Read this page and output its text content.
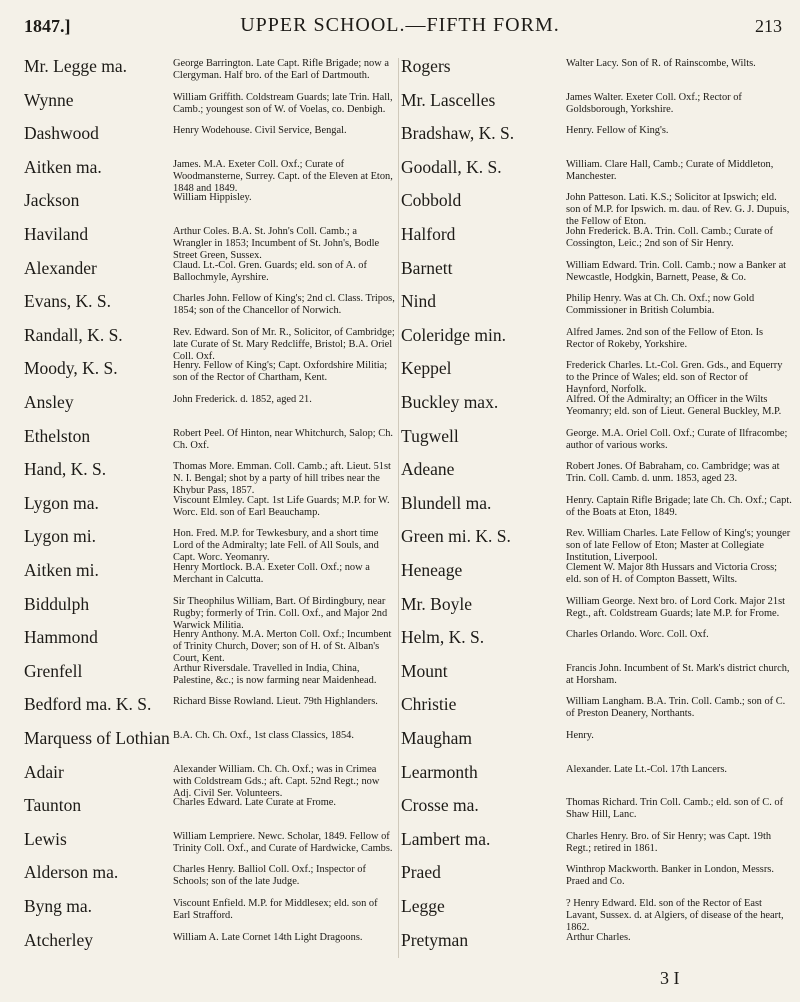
1847.]	UPPER SCHOOL.—FIFTH FORM.	213
Mr. Legge ma.
Wynne
Dashwood
Aitken ma.
Jackson
Haviland
Alexander
Evans, K. S.
Randall, K. S.
Moody, K. S.
Ansley
Ethelston
Hand, K. S.
Lygon ma.
Lygon mi.
Aitken mi.
Biddulph
Hammond
Grenfell
Bedford ma. K. S.
Marquess of Lothian
Adair
Taunton
Lewis
Alderson ma.
Byng ma.
Atcherley
George Barrington. Late Capt. Rifle Brigade; now a Clergyman. Half bro. of the Earl of Dartmouth.
William Griffith. Coldstream Guards; late Trin. Hall, Camb.; youngest son of W. of Voelas, co. Denbigh.
Henry Wodehouse. Civil Service, Bengal.
James. M.A. Exeter Coll. Oxf.; Curate of Woodmansterne, Surrey. Capt. of the Eleven at Eton, 1848 and 1849.
William Hippisley.
Arthur Coles. B.A. St. John's Coll. Camb.; a Wrangler in 1853; Incumbent of St. John's, Bodle Street Green, Sussex.
Claud. Lt.-Col. Gren. Guards; eld. son of A. of Ballochmyle, Ayrshire.
Charles John. Fellow of King's; 2nd cl. Class. Tripos, 1854; son of the Chancellor of Norwich.
Rev. Edward. Son of Mr. R., Solicitor, of Cambridge; late Curate of St. Mary Redcliffe, Bristol; B.A. Oriel Coll. Oxf.
Henry. Fellow of King's; Capt. Oxfordshire Militia; son of the Rector of Chartham, Kent.
John Frederick. d. 1852, aged 21.
Robert Peel. Of Hinton, near Whitchurch, Salop; Ch. Ch. Oxf.
Thomas More. Emman. Coll. Camb.; aft. Lieut. 51st N. I. Bengal; shot by a party of hill tribes near the Khybur Pass, 1857.
Viscount Elmley. Capt. 1st Life Guards; M.P. for W. Worc. Eld. son of Earl Beauchamp.
Hon. Fred. M.P. for Tewkesbury, and a short time Lord of the Admiralty; late Fell. of All Souls, and Capt. Worc. Yeomanry.
Henry Mortlock. B.A. Exeter Coll. Oxf.; now a Merchant in Calcutta.
Sir Theophilus William, Bart. Of Birdingbury, near Rugby; formerly of Trin. Coll. Oxf., and Major 2nd Warwick Militia.
Henry Anthony. M.A. Merton Coll. Oxf.; Incumbent of Trinity Church, Dover; son of H. of St. Alban's Court, Kent.
Arthur Riversdale. Travelled in India, China, Palestine, &c.; is now farming near Maidenhead.
Richard Bisse Rowland. Lieut. 79th Highlanders.
B.A. Ch. Ch. Oxf., 1st class Classics, 1854.
Alexander William. Ch. Ch. Oxf.; was in Crimea with Coldstream Gds.; aft. Capt. 52nd Regt.; now Adj. Civil Ser. Volunteers.
Charles Edward. Late Curate at Frome.
William Lempriere. Newc. Scholar, 1849. Fellow of Trinity Coll. Oxf., and Curate of Hardwicke, Cambs.
Charles Henry. Balliol Coll. Oxf.; Inspector of Schools; son of the late Judge.
Viscount Enfield. M.P. for Middlesex; eld. son of Earl Strafford.
William A. Late Cornet 14th Light Dragoons.
Rogers
Mr. Lascelles
Bradshaw, K. S.
Goodall, K. S.
Cobbold
Halford
Barnett
Nind
Coleridge min.
Keppel
Buckley max.
Tugwell
Adeane
Blundell ma.
Green mi. K. S.
Heneage
Mr. Boyle
Helm, K. S.
Mount
Christie
Maugham
Learmonth
Crosse ma.
Lambert ma.
Praed
Legge
Pretyman
Walter Lacy. Son of R. of Rainscombe, Wilts.
James Walter. Exeter Coll. Oxf.; Rector of Goldsborough, Yorkshire.
Henry. Fellow of King's.
William. Clare Hall, Camb.; Curate of Middleton, Manchester.
John Patteson. Lati. K.S.; Solicitor at Ipswich; eld. son of M.P. for Ipswich. m. dau. of Rev. G. J. Dupuis, the Fellow of Eton.
John Frederick. B.A. Trin. Coll. Camb.; Curate of Cossington, Leic.; 2nd son of Sir Henry.
William Edward. Trin. Coll. Camb.; now a Banker at Newcastle, Hodgkin, Barnett, Pease, & Co.
Philip Henry. Was at Ch. Ch. Oxf.; now Gold Commissioner in British Columbia.
Alfred James. 2nd son of the Fellow of Eton. Is Rector of Rokeby, Yorkshire.
Frederick Charles. Lt.-Col. Gren. Gds., and Equerry to the Prince of Wales; eld. son of Rector of Haynford, Norfolk.
Alfred. Of the Admiralty; an Officer in the Wilts Yeomanry; eld. son of Lieut. General Buckley, M.P.
George. M.A. Oriel Coll. Oxf.; Curate of Ilfracombe; author of various works.
Robert Jones. Of Babraham, co. Cambridge; was at Trin. Coll. Camb. d. unm. 1853, aged 23.
Henry. Captain Rifle Brigade; late Ch. Ch. Oxf.; Capt. of the Boats at Eton, 1849.
Rev. William Charles. Late Fellow of King's; younger son of late Fellow of Eton; Master at Collegiate Institution, Liverpool.
Clement W. Major 8th Hussars and Victoria Cross; eld. son of H. of Compton Bassett, Wilts.
William George. Next bro. of Lord Cork. Major 21st Regt., aft. Coldstream Guards; late M.P. for Frome.
Charles Orlando. Worc. Coll. Oxf.
Francis John. Incumbent of St. Mark's district church, at Horsham.
William Langham. B.A. Trin. Coll. Camb.; son of C. of Preston Deanery, Northants.
Henry.
Alexander. Late Lt.-Col. 17th Lancers.
Thomas Richard. Trin Coll. Camb.; eld. son of C. of Shaw Hill, Lanc.
Charles Henry. Bro. of Sir Henry; was Capt. 19th Regt.; retired in 1861.
Winthrop Mackworth. Banker in London, Messrs. Praed and Co.
? Henry Edward. Eld. son of the Rector of East Lavant, Sussex. d. at Algiers, of disease of the heart, 1862.
Arthur Charles.
3 I
